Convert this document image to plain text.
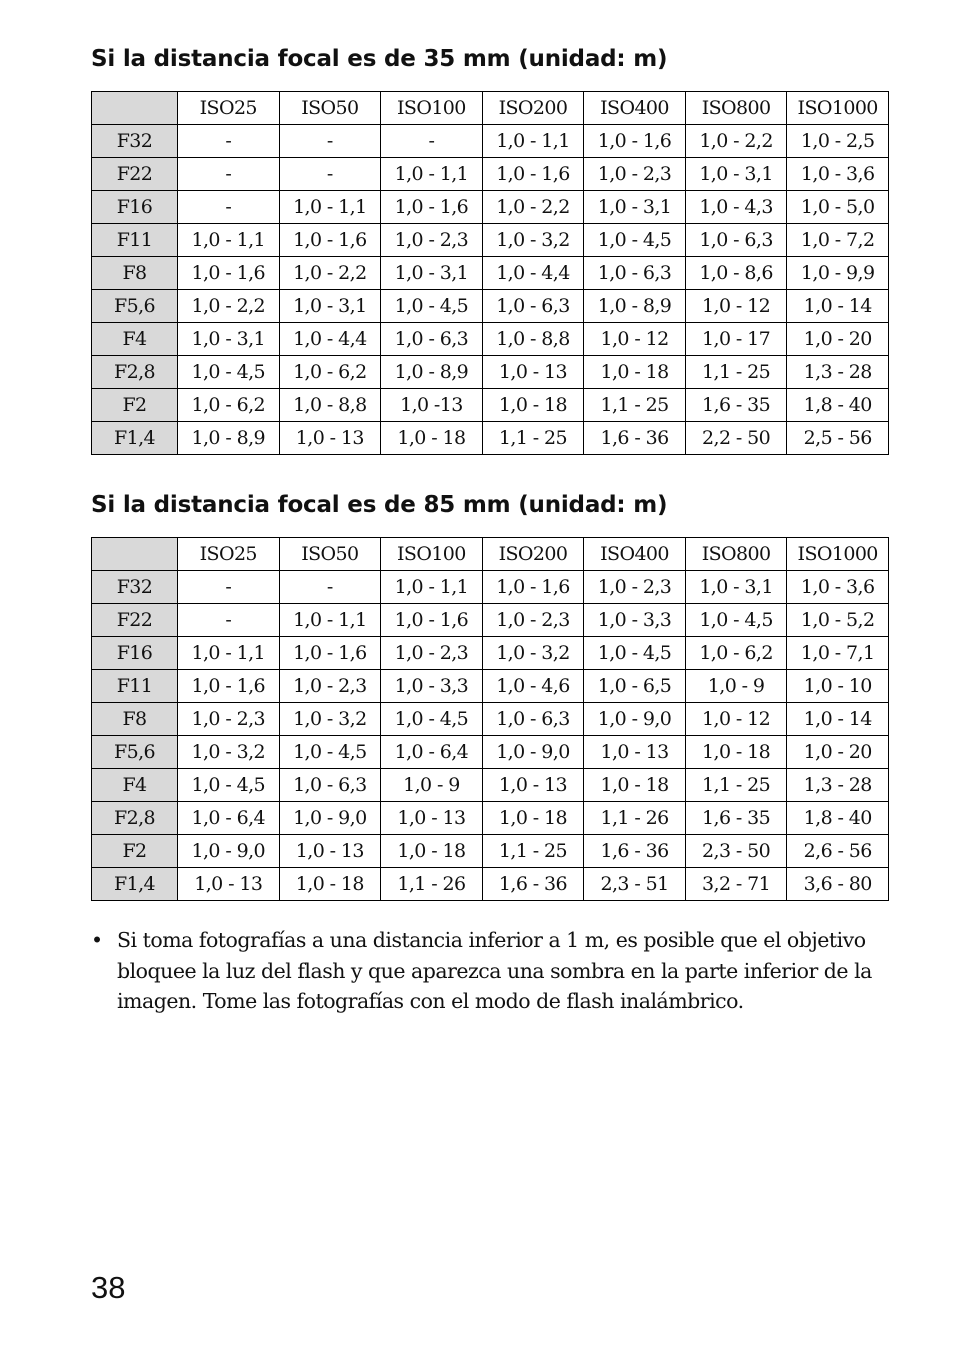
Si la distancia focal es de 35 mm (unidad: m)
	ISO25	ISO50	ISO100	ISO200	ISO400	ISO800	ISO1000
F32	-	-	-	1,0 - 1,1	1,0 - 1,6	1,0 - 2,2	1,0 - 2,5
F22	-	-	1,0 - 1,1	1,0 - 1,6	1,0 - 2,3	1,0 - 3,1	1,0 - 3,6
F16	-	1,0 - 1,1	1,0 - 1,6	1,0 - 2,2	1,0 - 3,1	1,0 - 4,3	1,0 - 5,0
F11	1,0 - 1,1	1,0 - 1,6	1,0 - 2,3	1,0 - 3,2	1,0 - 4,5	1,0 - 6,3	1,0 - 7,2
F8	1,0 - 1,6	1,0 - 2,2	1,0 - 3,1	1,0 - 4,4	1,0 - 6,3	1,0 - 8,6	1,0 - 9,9
F5,6	1,0 - 2,2	1,0 - 3,1	1,0 - 4,5	1,0 - 6,3	1,0 - 8,9	1,0 - 12	1,0 - 14
F4	1,0 - 3,1	1,0 - 4,4	1,0 - 6,3	1,0 - 8,8	1,0 - 12	1,0 - 17	1,0 - 20
F2,8	1,0 - 4,5	1,0 - 6,2	1,0 - 8,9	1,0 - 13	1,0 - 18	1,1 - 25	1,3 - 28
F2	1,0 - 6,2	1,0 - 8,8	1,0 -13	1,0 - 18	1,1 - 25	1,6 - 35	1,8 - 40
F1,4	1,0 - 8,9	1,0 - 13	1,0 - 18	1,1 - 25	1,6 - 36	2,2 - 50	2,5 - 56
Si la distancia focal es de 85 mm (unidad: m)
	ISO25	ISO50	ISO100	ISO200	ISO400	ISO800	ISO1000
F32	-	-	1,0 - 1,1	1,0 - 1,6	1,0 - 2,3	1,0 - 3,1	1,0 - 3,6
F22	-	1,0 - 1,1	1,0 - 1,6	1,0 - 2,3	1,0 - 3,3	1,0 - 4,5	1,0 - 5,2
F16	1,0 - 1,1	1,0 - 1,6	1,0 - 2,3	1,0 - 3,2	1,0 - 4,5	1,0 - 6,2	1,0 - 7,1
F11	1,0 - 1,6	1,0 - 2,3	1,0 - 3,3	1,0 - 4,6	1,0 - 6,5	1,0 - 9	1,0 - 10
F8	1,0 - 2,3	1,0 - 3,2	1,0 - 4,5	1,0 - 6,3	1,0 - 9,0	1,0 - 12	1,0 - 14
F5,6	1,0 - 3,2	1,0 - 4,5	1,0 - 6,4	1,0 - 9,0	1,0 - 13	1,0 - 18	1,0 - 20
F4	1,0 - 4,5	1,0 - 6,3	1,0 - 9	1,0 - 13	1,0 - 18	1,1 - 25	1,3 - 28
F2,8	1,0 - 6,4	1,0 - 9,0	1,0 - 13	1,0 - 18	1,1 - 26	1,6 - 35	1,8 - 40
F2	1,0 - 9,0	1,0 - 13	1,0 - 18	1,1 - 25	1,6 - 36	2,3 - 50	2,6 - 56
F1,4	1,0 - 13	1,0 - 18	1,1 - 26	1,6 - 36	2,3 - 51	3,2 - 71	3,6 - 80
• Si toma fotografías a una distancia inferior a 1 m, es posible que el objetivo bloquee la luz del flash y que aparezca una sombra en la parte inferior de la imagen. Tome las fotografías con el modo de flash inalámbrico.
38
